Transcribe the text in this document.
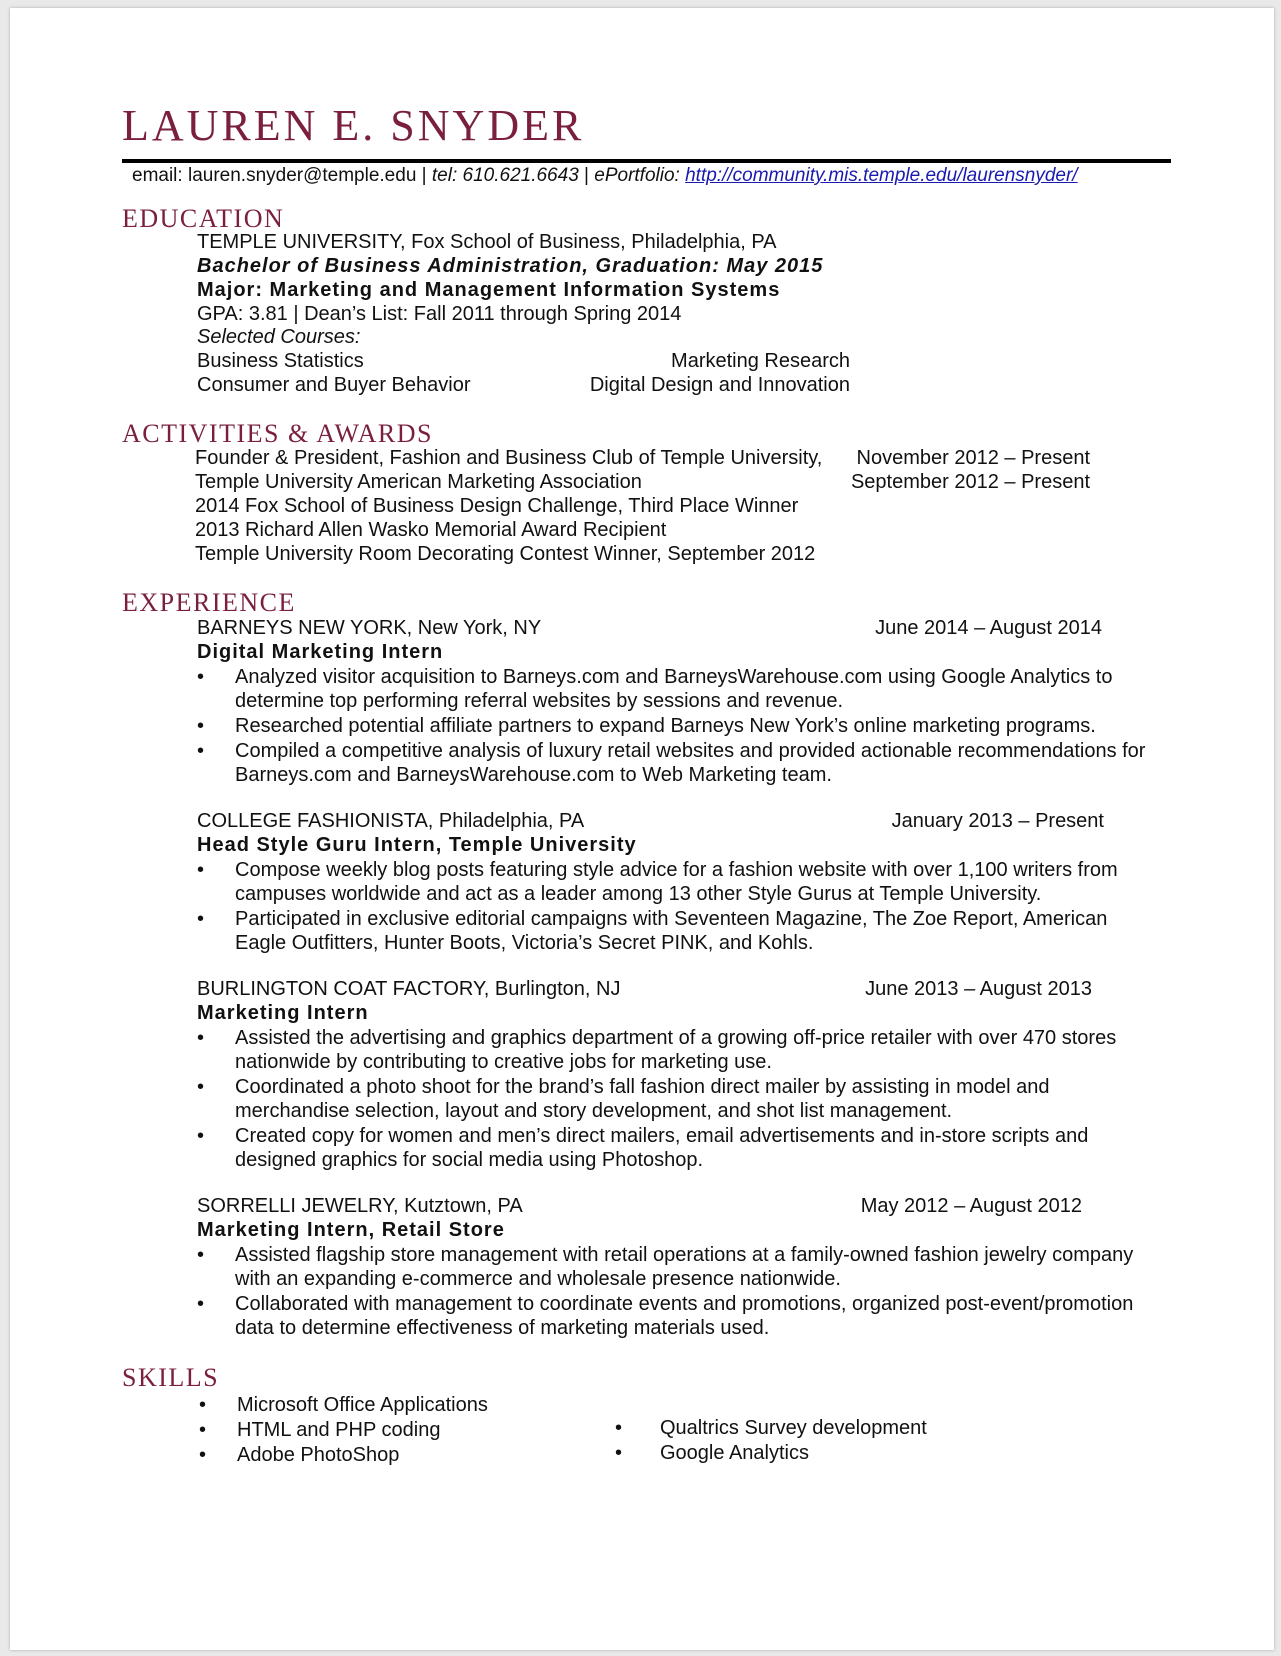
LAUREN E. SNYDER
email: lauren.snyder@temple.edu | tel: 610.621.6643 | ePortfolio: http://community.mis.temple.edu/laurensnyder/
EDUCATION
TEMPLE UNIVERSITY, Fox School of Business, Philadelphia, PA
Bachelor of Business Administration, Graduation: May 2015
Major: Marketing and Management Information Systems
GPA: 3.81 | Dean’s List: Fall 2011 through Spring 2014
Selected Courses:
Business Statistics	Marketing Research
Consumer and Buyer Behavior	Digital Design and Innovation
ACTIVITIES & AWARDS
Founder & President, Fashion and Business Club of Temple University,	November 2012 – Present
Temple University American Marketing Association	September 2012 – Present
2014 Fox School of Business Design Challenge, Third Place Winner
2013 Richard Allen Wasko Memorial Award Recipient
Temple University Room Decorating Contest Winner, September 2012
EXPERIENCE
BARNEYS NEW YORK, New York, NY	June 2014 – August 2014
Digital Marketing Intern
• Analyzed visitor acquisition to Barneys.com and BarneysWarehouse.com using Google Analytics to determine top performing referral websites by sessions and revenue.
• Researched potential affiliate partners to expand Barneys New York’s online marketing programs.
• Compiled a competitive analysis of luxury retail websites and provided actionable recommendations for Barneys.com and BarneysWarehouse.com to Web Marketing team.
COLLEGE FASHIONISTA, Philadelphia, PA	January 2013 – Present
Head Style Guru Intern, Temple University
• Compose weekly blog posts featuring style advice for a fashion website with over 1,100 writers from campuses worldwide and act as a leader among 13 other Style Gurus at Temple University.
• Participated in exclusive editorial campaigns with Seventeen Magazine, The Zoe Report, American Eagle Outfitters, Hunter Boots, Victoria’s Secret PINK, and Kohls.
BURLINGTON COAT FACTORY, Burlington, NJ	June 2013 – August 2013
Marketing Intern
• Assisted the advertising and graphics department of a growing off-price retailer with over 470 stores nationwide by contributing to creative jobs for marketing use.
• Coordinated a photo shoot for the brand’s fall fashion direct mailer by assisting in model and merchandise selection, layout and story development, and shot list management.
• Created copy for women and men’s direct mailers, email advertisements and in-store scripts and designed graphics for social media using Photoshop.
SORRELLI JEWELRY, Kutztown, PA	May 2012 – August 2012
Marketing Intern, Retail Store
• Assisted flagship store management with retail operations at a family-owned fashion jewelry company with an expanding e-commerce and wholesale presence nationwide.
• Collaborated with management to coordinate events and promotions, organized post-event/promotion data to determine effectiveness of marketing materials used.
SKILLS
• Microsoft Office Applications
• HTML and PHP coding
• Adobe PhotoShop
• Qualtrics Survey development
• Google Analytics
